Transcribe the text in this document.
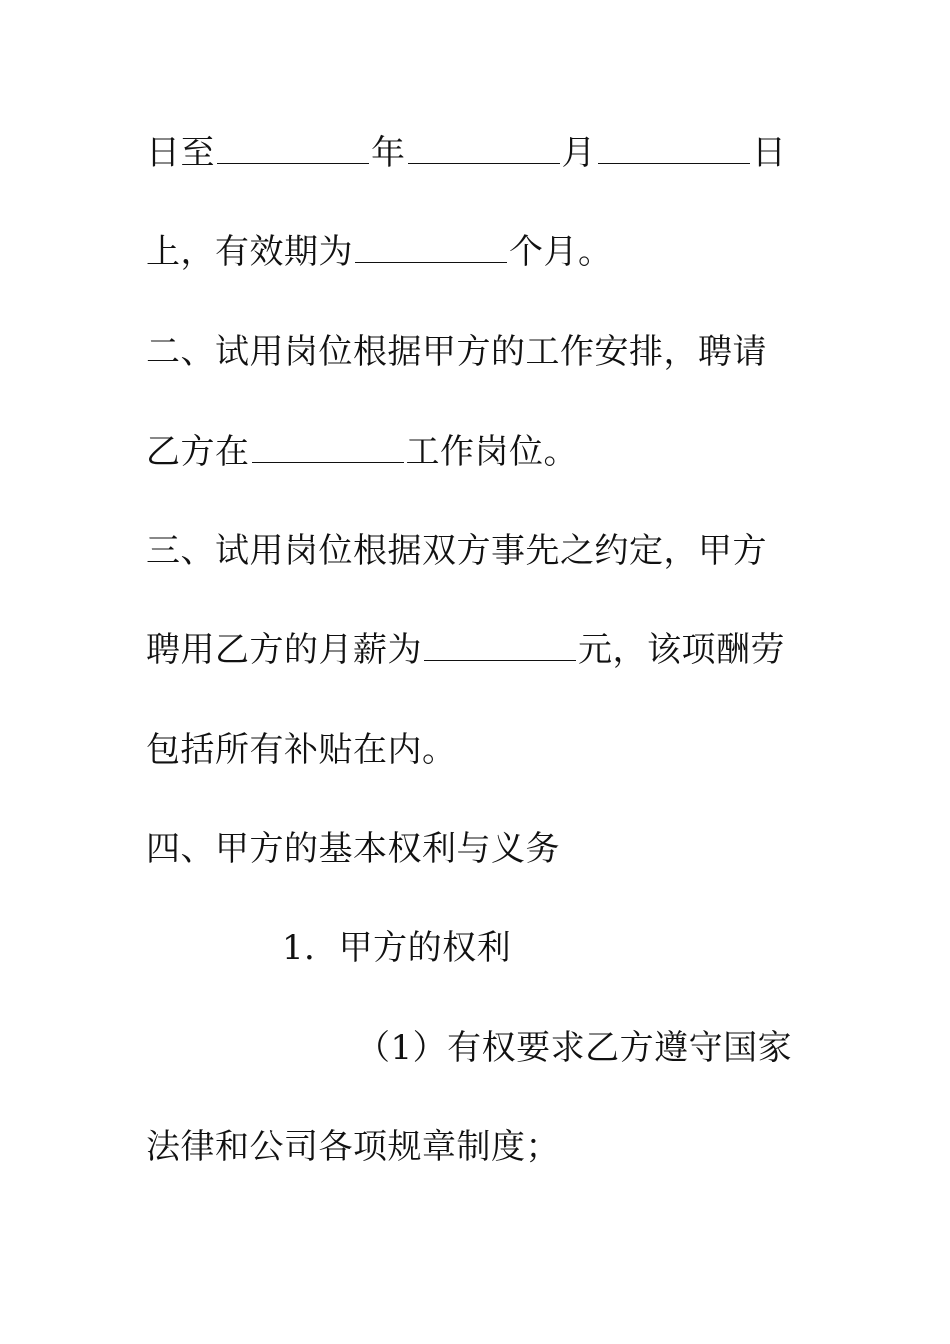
日至	年	月	日
上，有效期为	个月。
二、试用岗位根据甲方的工作安排，聘请
乙方在	工作岗位。
三、试用岗位根据双方事先之约定，甲方
聘用乙方的月薪为	元，该项酬劳
包括所有补贴在内。
四、甲方的基本权利与义务
1．甲方的权利
（1）有权要求乙方遵守国家
法律和公司各项规章制度；
